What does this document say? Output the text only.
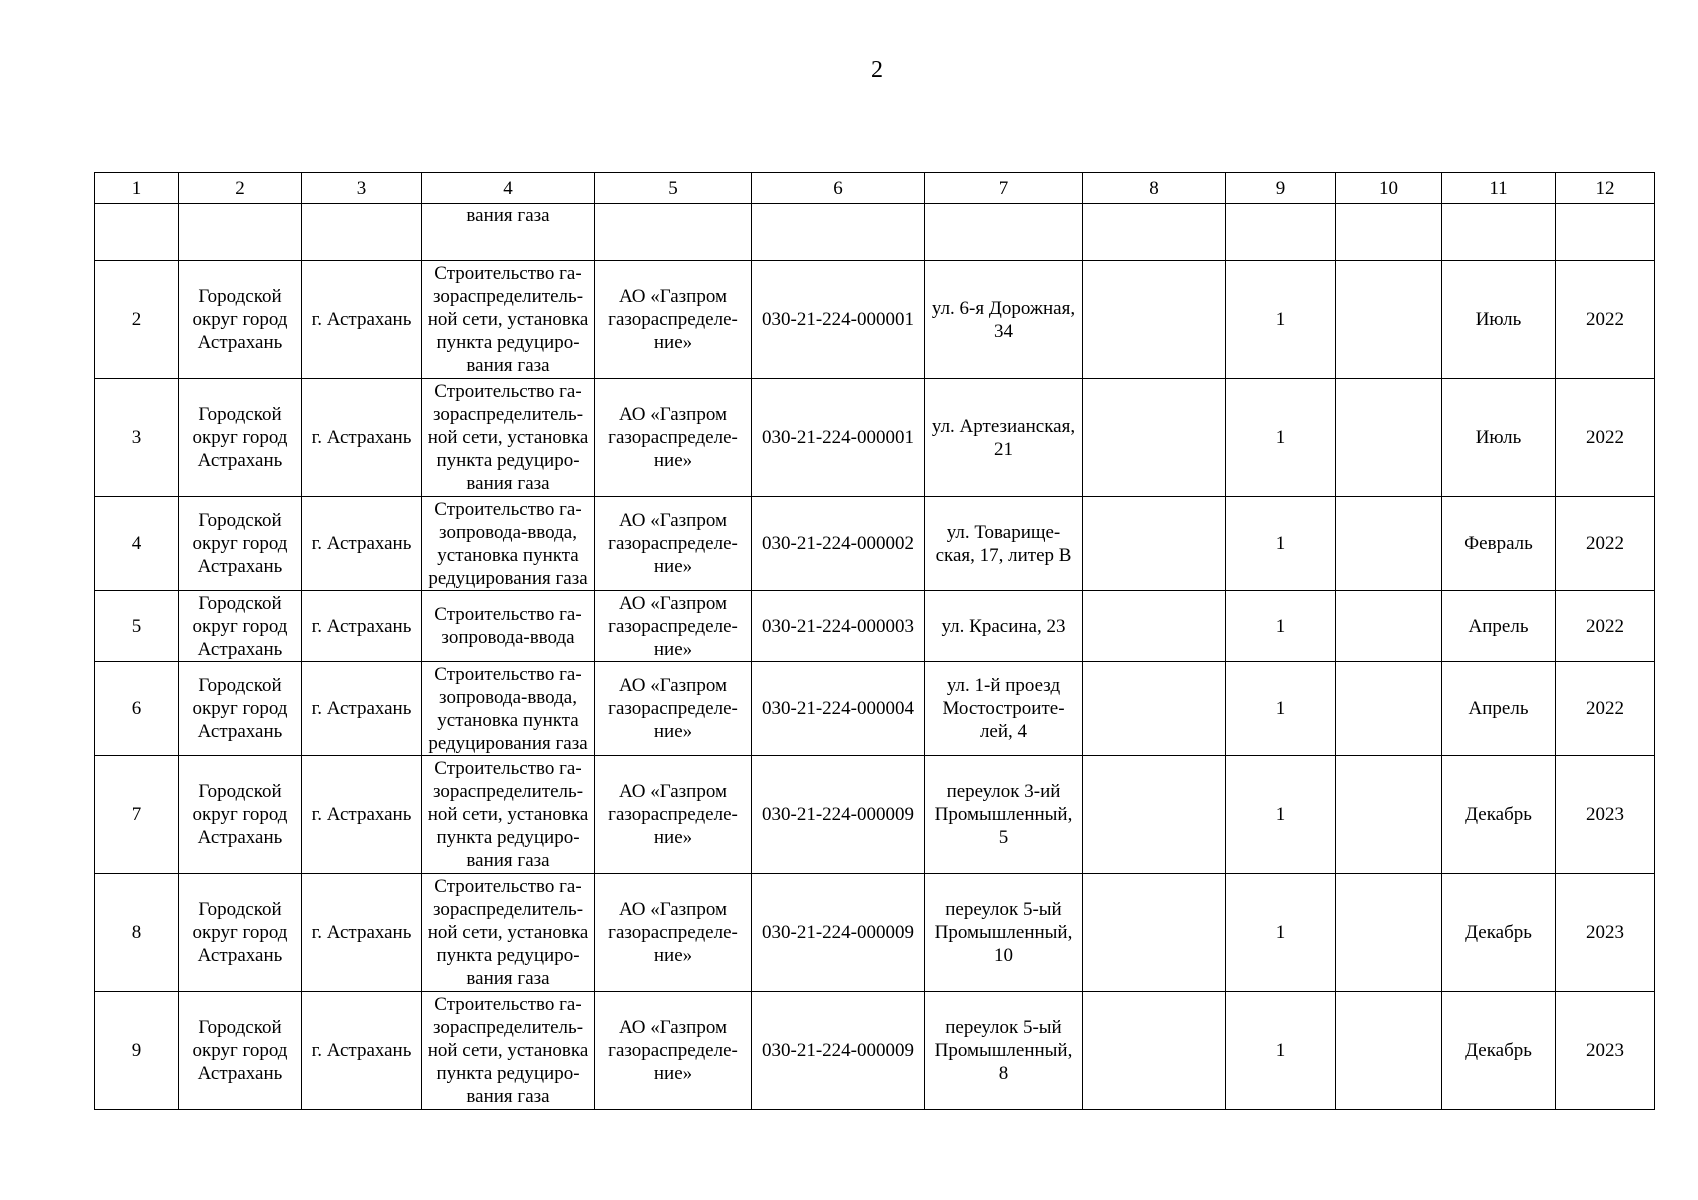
2
1	2	3	4	5	6	7	8	9	10	11	12

			вания газа								

2	Городской
округ город
Астрахань	г. Астрахань	Строительство га-
зораспределитель-
ной сети, установка
пункта редуциро-
вания газа	АО «Газпром
газораспределе-
ние»	030-21-224-000001	ул. 6-я Дорожная,
34		1		Июль	2022

3	Городской
округ город
Астрахань	г. Астрахань	Строительство га-
зораспределитель-
ной сети, установка
пункта редуциро-
вания газа	АО «Газпром
газораспределе-
ние»	030-21-224-000001	ул. Артезианская,
21		1		Июль	2022

4	Городской
округ город
Астрахань	г. Астрахань	Строительство га-
зопровода-ввода,
установка пункта
редуцирования газа	АО «Газпром
газораспределе-
ние»	030-21-224-000002	ул. Товарище-
ская, 17, литер В		1		Февраль	2022

5	Городской
округ город
Астрахань	г. Астрахань	Строительство га-
зопровода-ввода	АО «Газпром
газораспределе-
ние»	030-21-224-000003	ул. Красина, 23		1		Апрель	2022

6	Городской
округ город
Астрахань	г. Астрахань	Строительство га-
зопровода-ввода,
установка пункта
редуцирования газа	АО «Газпром
газораспределе-
ние»	030-21-224-000004	ул. 1-й проезд
Мостостроите-
лей, 4		1		Апрель	2022

7	Городской
округ город
Астрахань	г. Астрахань	Строительство га-
зораспределитель-
ной сети, установка
пункта редуциро-
вания газа	АО «Газпром
газораспределе-
ние»	030-21-224-000009	переулок 3-ий
Промышленный,
5		1		Декабрь	2023

8	Городской
округ город
Астрахань	г. Астрахань	Строительство га-
зораспределитель-
ной сети, установка
пункта редуциро-
вания газа	АО «Газпром
газораспределе-
ние»	030-21-224-000009	переулок 5-ый
Промышленный,
10		1		Декабрь	2023

9	Городской
округ город
Астрахань	г. Астрахань	Строительство га-
зораспределитель-
ной сети, установка
пункта редуциро-
вания газа	АО «Газпром
газораспределе-
ние»	030-21-224-000009	переулок 5-ый
Промышленный,
8		1		Декабрь	2023
